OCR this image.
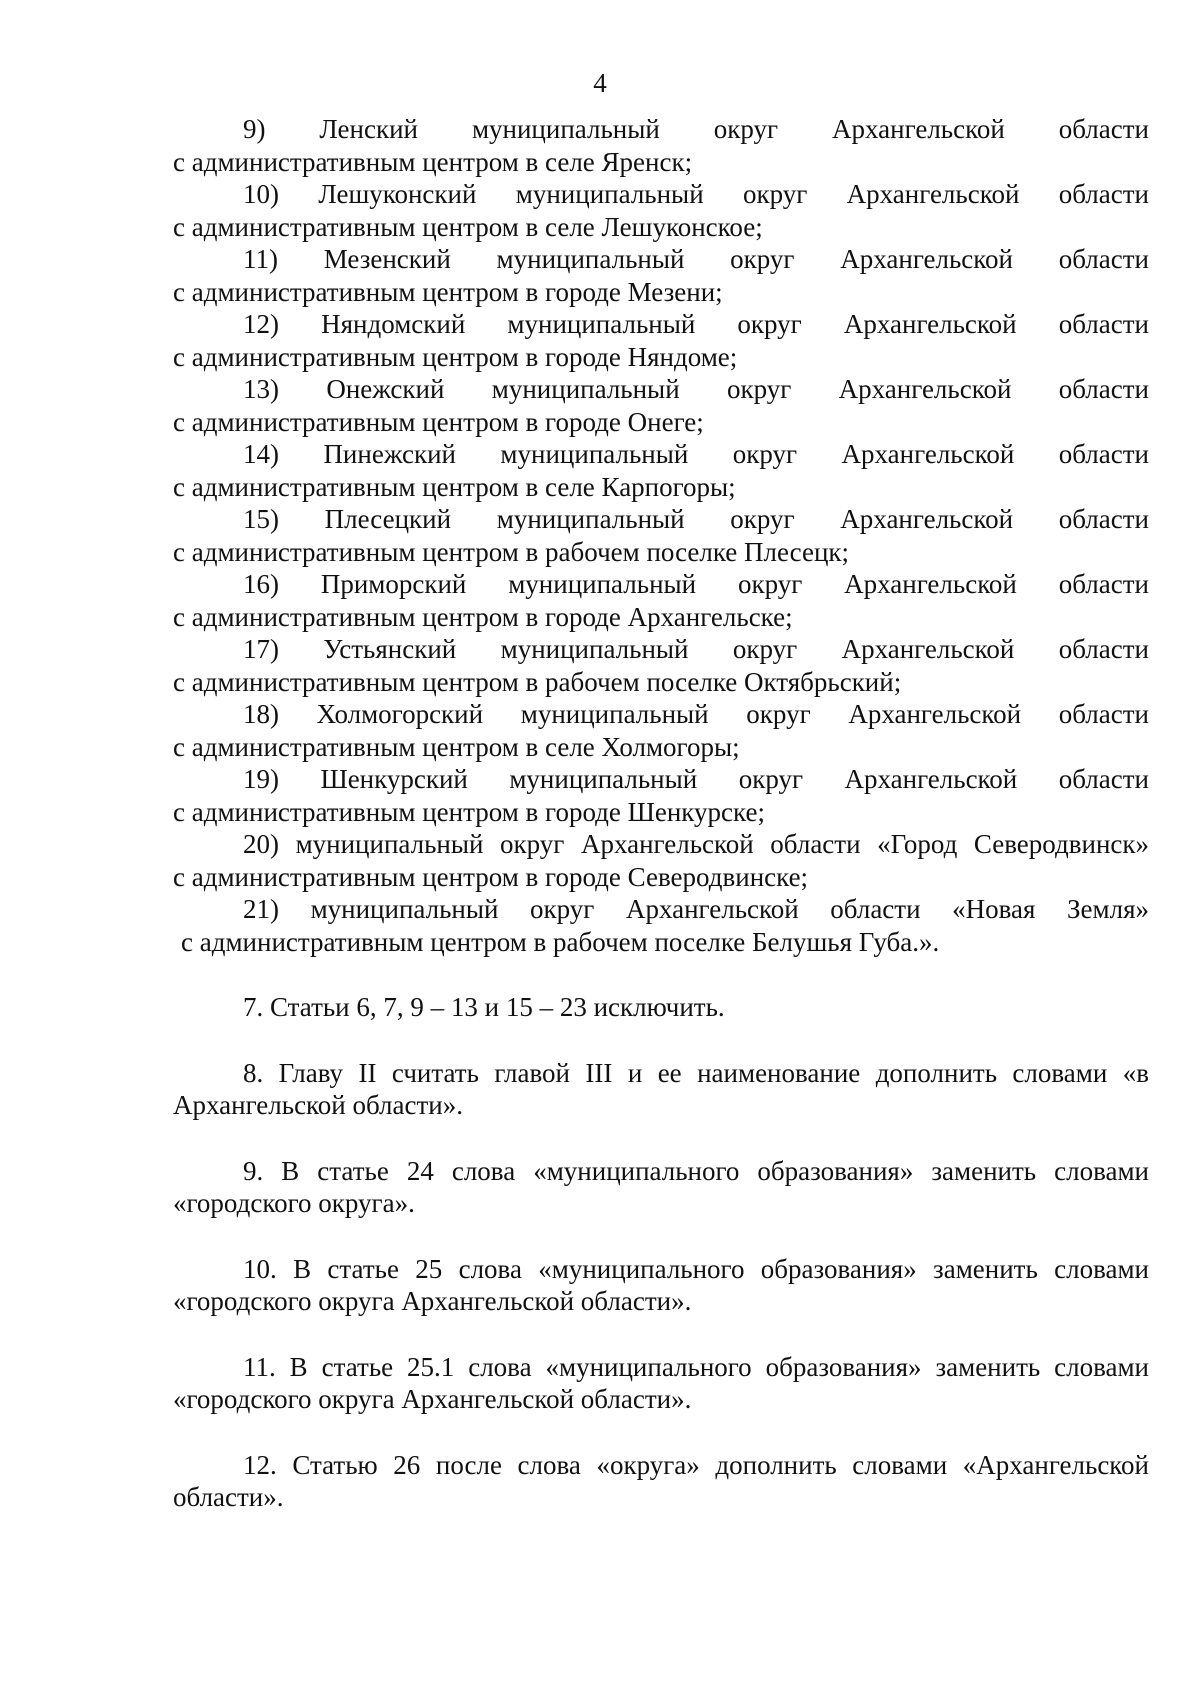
4
9) Ленский муниципальный округ Архангельской области
с административным центром в селе Яренск;
10) Лешуконский муниципальный округ Архангельской области
с административным центром в селе Лешуконское;
11) Мезенский муниципальный округ Архангельской области
с административным центром в городе Мезени;
12) Няндомский муниципальный округ Архангельской области
с административным центром в городе Няндоме;
13) Онежский муниципальный округ Архангельской области
с административным центром в городе Онеге;
14) Пинежский муниципальный округ Архангельской области
с административным центром в селе Карпогоры;
15) Плесецкий муниципальный округ Архангельской области
с административным центром в рабочем поселке Плесецк;
16) Приморский муниципальный округ Архангельской области
с административным центром в городе Архангельске;
17) Устьянский муниципальный округ Архангельской области
с административным центром в рабочем поселке Октябрьский;
18) Холмогорский муниципальный округ Архангельской области
с административным центром в селе Холмогоры;
19) Шенкурский муниципальный округ Архангельской области
с административным центром в городе Шенкурске;
20) муниципальный округ Архангельской области «Город Северодвинск»
с административным центром в городе Северодвинске;
21) муниципальный округ Архангельской области «Новая Земля»
с административным центром в рабочем поселке Белушья Губа.».

7. Статьи 6, 7, 9 – 13 и 15 – 23 исключить.

8. Главу II считать главой III и ее наименование дополнить словами «в Архангельской области».

9. В статье 24 слова «муниципального образования» заменить словами «городского округа».

10. В статье 25 слова «муниципального образования» заменить словами «городского округа Архангельской области».

11. В статье 25.1 слова «муниципального образования» заменить словами «городского округа Архангельской области».

12. Статью 26 после слова «округа» дополнить словами «Архангельской области».
